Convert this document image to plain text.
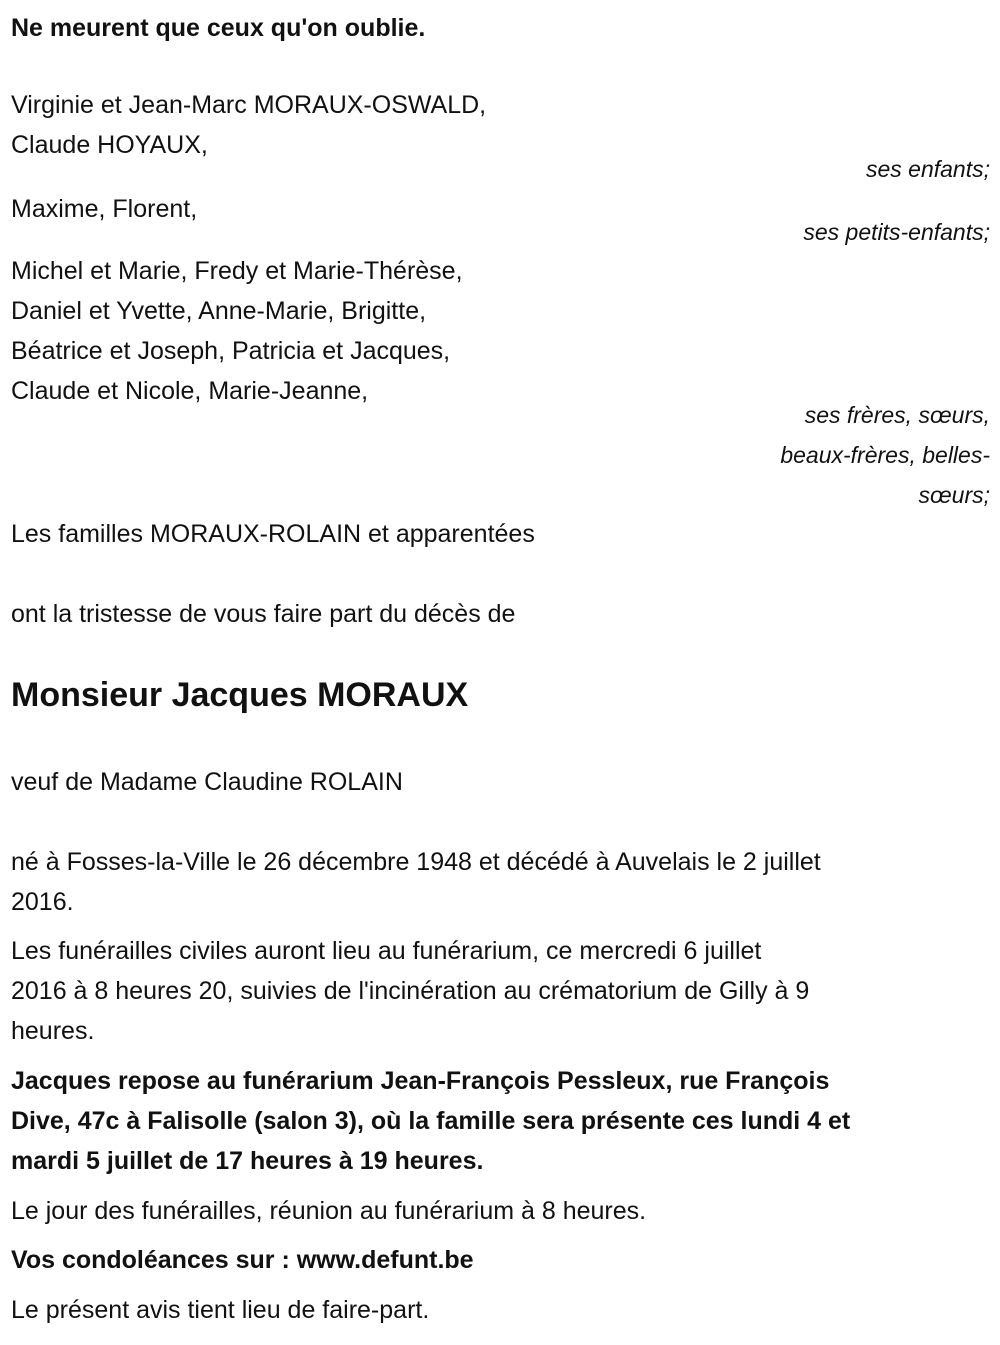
Ne meurent que ceux qu'on oublie.
Virginie et Jean-Marc MORAUX-OSWALD,
Claude HOYAUX,
ses enfants;
Maxime, Florent,
ses petits-enfants;
Michel et Marie, Fredy et Marie-Thérèse,
Daniel et Yvette, Anne-Marie, Brigitte,
Béatrice et Joseph, Patricia et Jacques,
Claude et Nicole, Marie-Jeanne,
ses frères, sœurs,
beaux-frères, belles-
sœurs;
Les familles MORAUX-ROLAIN et apparentées
ont la tristesse de vous faire part du décès de
Monsieur Jacques MORAUX
veuf de Madame Claudine ROLAIN
né à Fosses-la-Ville le 26 décembre 1948 et décédé à Auvelais le 2 juillet
2016.
Les funérailles civiles auront lieu au funérarium, ce mercredi 6 juillet
2016 à 8 heures 20, suivies de l'incinération au crématorium de Gilly à 9
heures.
Jacques repose au funérarium Jean-François Pessleux, rue François
Dive, 47c à Falisolle (salon 3), où la famille sera présente ces lundi 4 et
mardi 5 juillet de 17 heures à 19 heures.
Le jour des funérailles, réunion au funérarium à 8 heures.
Vos condoléances sur : www.defunt.be
Le présent avis tient lieu de faire-part.
